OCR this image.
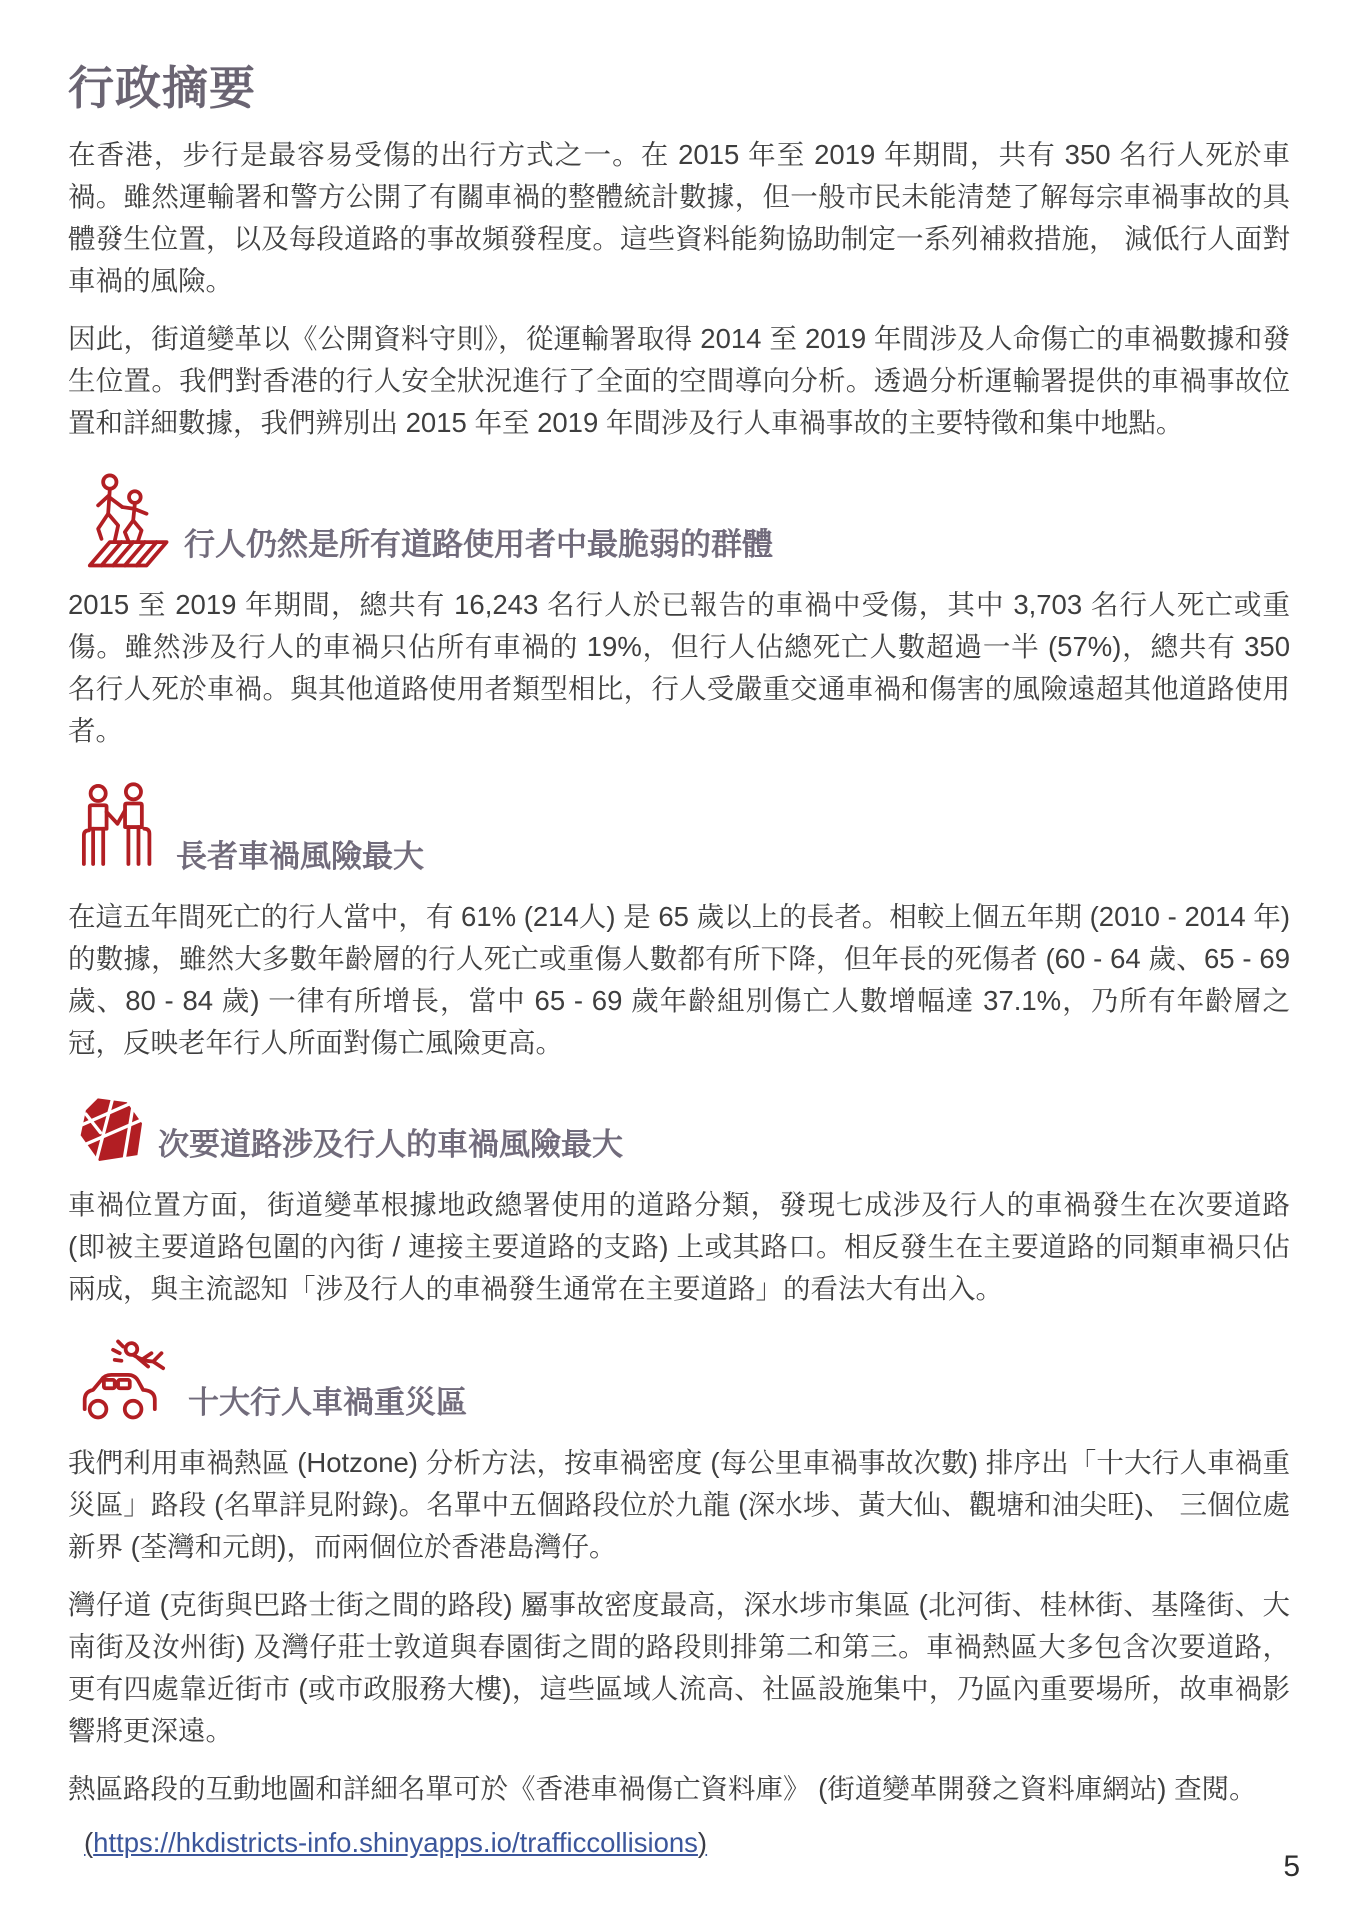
行政摘要

在香港，步行是最容易受傷的出行方式之一。在 2015 年至 2019 年期間，共有 350 名行人死於車禍。雖然運輸署和警方公開了有關車禍的整體統計數據，但一般市民未能清楚了解每宗車禍事故的具體發生位置，以及每段道路的事故頻發程度。這些資料能夠協助制定一系列補救措施， 減低行人面對車禍的風險。

因此，街道變革以《公開資料守則》，從運輸署取得 2014 至 2019 年間涉及人命傷亡的車禍數據和發生位置。我們對香港的行人安全狀況進行了全面的空間導向分析。透過分析運輸署提供的車禍事故位置和詳細數據，我們辨別出 2015 年至 2019 年間涉及行人車禍事故的主要特徵和集中地點。

行人仍然是所有道路使用者中最脆弱的群體

2015 至 2019 年期間，總共有 16,243 名行人於已報告的車禍中受傷，其中 3,703 名行人死亡或重傷。雖然涉及行人的車禍只佔所有車禍的 19%，但行人佔總死亡人數超過一半 (57%)，總共有 350 名行人死於車禍。與其他道路使用者類型相比，行人受嚴重交通車禍和傷害的風險遠超其他道路使用者。

長者車禍風險最大

在這五年間死亡的行人當中，有 61% (214人) 是 65 歲以上的長者。相較上個五年期 (2010 - 2014 年) 的數據，雖然大多數年齡層的行人死亡或重傷人數都有所下降，但年長的死傷者 (60 - 64 歲、65 - 69 歲、80 - 84 歲) 一律有所增長，當中 65 - 69 歲年齡組別傷亡人數增幅達 37.1%，乃所有年齡層之冠，反映老年行人所面對傷亡風險更高。

次要道路涉及行人的車禍風險最大

車禍位置方面，街道變革根據地政總署使用的道路分類，發現七成涉及行人的車禍發生在次要道路 (即被主要道路包圍的內街 / 連接主要道路的支路) 上或其路口。相反發生在主要道路的同類車禍只佔兩成，與主流認知「涉及行人的車禍發生通常在主要道路」的看法大有出入。

十大行人車禍重災區

我們利用車禍熱區 (Hotzone) 分析方法，按車禍密度 (每公里車禍事故次數) 排序出「十大行人車禍重災區」路段 (名單詳見附錄)。名單中五個路段位於九龍 (深水埗、黃大仙、觀塘和油尖旺)、 三個位處新界 (荃灣和元朗)，而兩個位於香港島灣仔。

灣仔道 (克街與巴路士街之間的路段) 屬事故密度最高，深水埗市集區 (北河街、桂林街、基隆街、大南街及汝州街) 及灣仔莊士敦道與春園街之間的路段則排第二和第三。車禍熱區大多包含次要道路，更有四處靠近街市 (或市政服務大樓)，這些區域人流高、社區設施集中，乃區內重要場所，故車禍影響將更深遠。

熱區路段的互動地圖和詳細名單可於《香港車禍傷亡資料庫》 (街道變革開發之資料庫網站) 查閱。

(https://hkdistricts-info.shinyapps.io/trafficcollisions)
5
